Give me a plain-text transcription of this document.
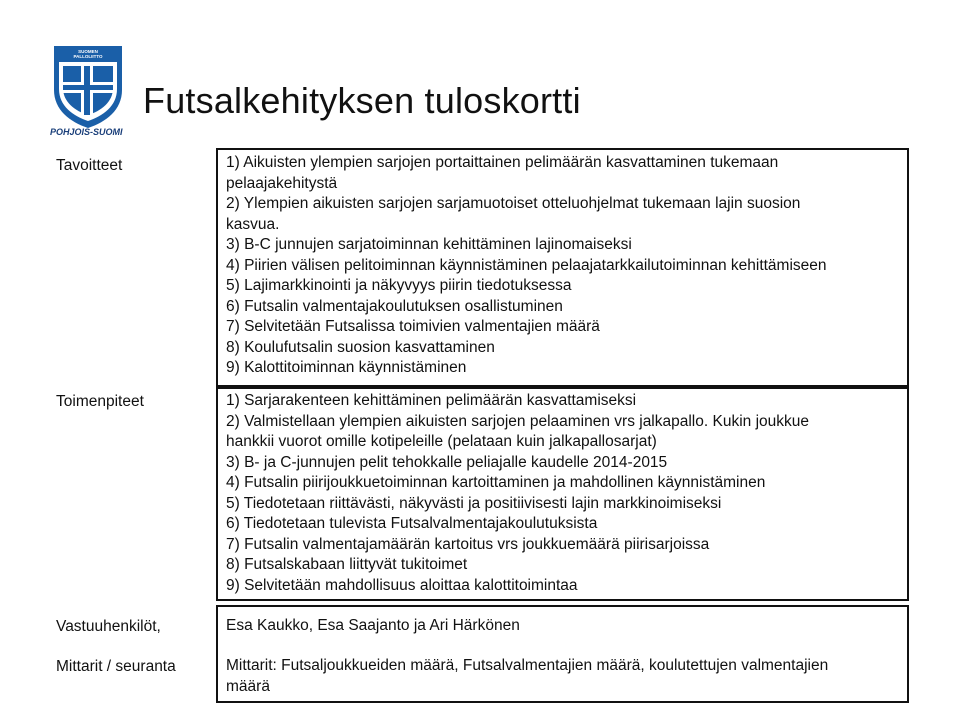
SUOMEN PALLOLIITTO
POHJOIS-SUOMI
Futsalkehityksen tuloskortti
Tavoitteet
Toimenpiteet
Vastuuhenkilöt,
Mittarit / seuranta
1) Aikuisten ylempien sarjojen portaittainen pelimäärän kasvattaminen tukemaan
pelaajakehitystä
2) Ylempien aikuisten sarjojen sarjamuotoiset otteluohjelmat tukemaan lajin suosion
kasvua.
3) B-C junnujen sarjatoiminnan kehittäminen lajinomaiseksi
4) Piirien välisen pelitoiminnan käynnistäminen pelaajatarkkailutoiminnan kehittämiseen
5) Lajimarkkinointi ja näkyvyys piirin tiedotuksessa
6) Futsalin valmentajakoulutuksen osallistuminen
7) Selvitetään Futsalissa toimivien valmentajien määrä
8) Koulufutsalin suosion kasvattaminen
9) Kalottitoiminnan käynnistäminen
1) Sarjarakenteen kehittäminen pelimäärän kasvattamiseksi
2) Valmistellaan ylempien aikuisten sarjojen pelaaminen vrs jalkapallo. Kukin joukkue
hankkii vuorot omille kotipeleille (pelataan kuin jalkapallosarjat)
3) B- ja C-junnujen pelit tehokkalle peliajalle kaudelle 2014-2015
4) Futsalin piirijoukkuetoiminnan kartoittaminen ja mahdollinen käynnistäminen
5) Tiedotetaan riittävästi, näkyvästi ja positiivisesti lajin markkinoimiseksi
6) Tiedotetaan tulevista Futsalvalmentajakoulutuksista
7) Futsalin valmentajamäärän kartoitus vrs joukkuemäärä piirisarjoissa
8) Futsalskabaan liittyvät tukitoimet
9) Selvitetään mahdollisuus aloittaa kalottitoimintaa
Esa Kaukko, Esa Saajanto ja Ari Härkönen
Mittarit: Futsaljoukkueiden määrä, Futsalvalmentajien määrä, koulutettujen valmentajien
määrä
